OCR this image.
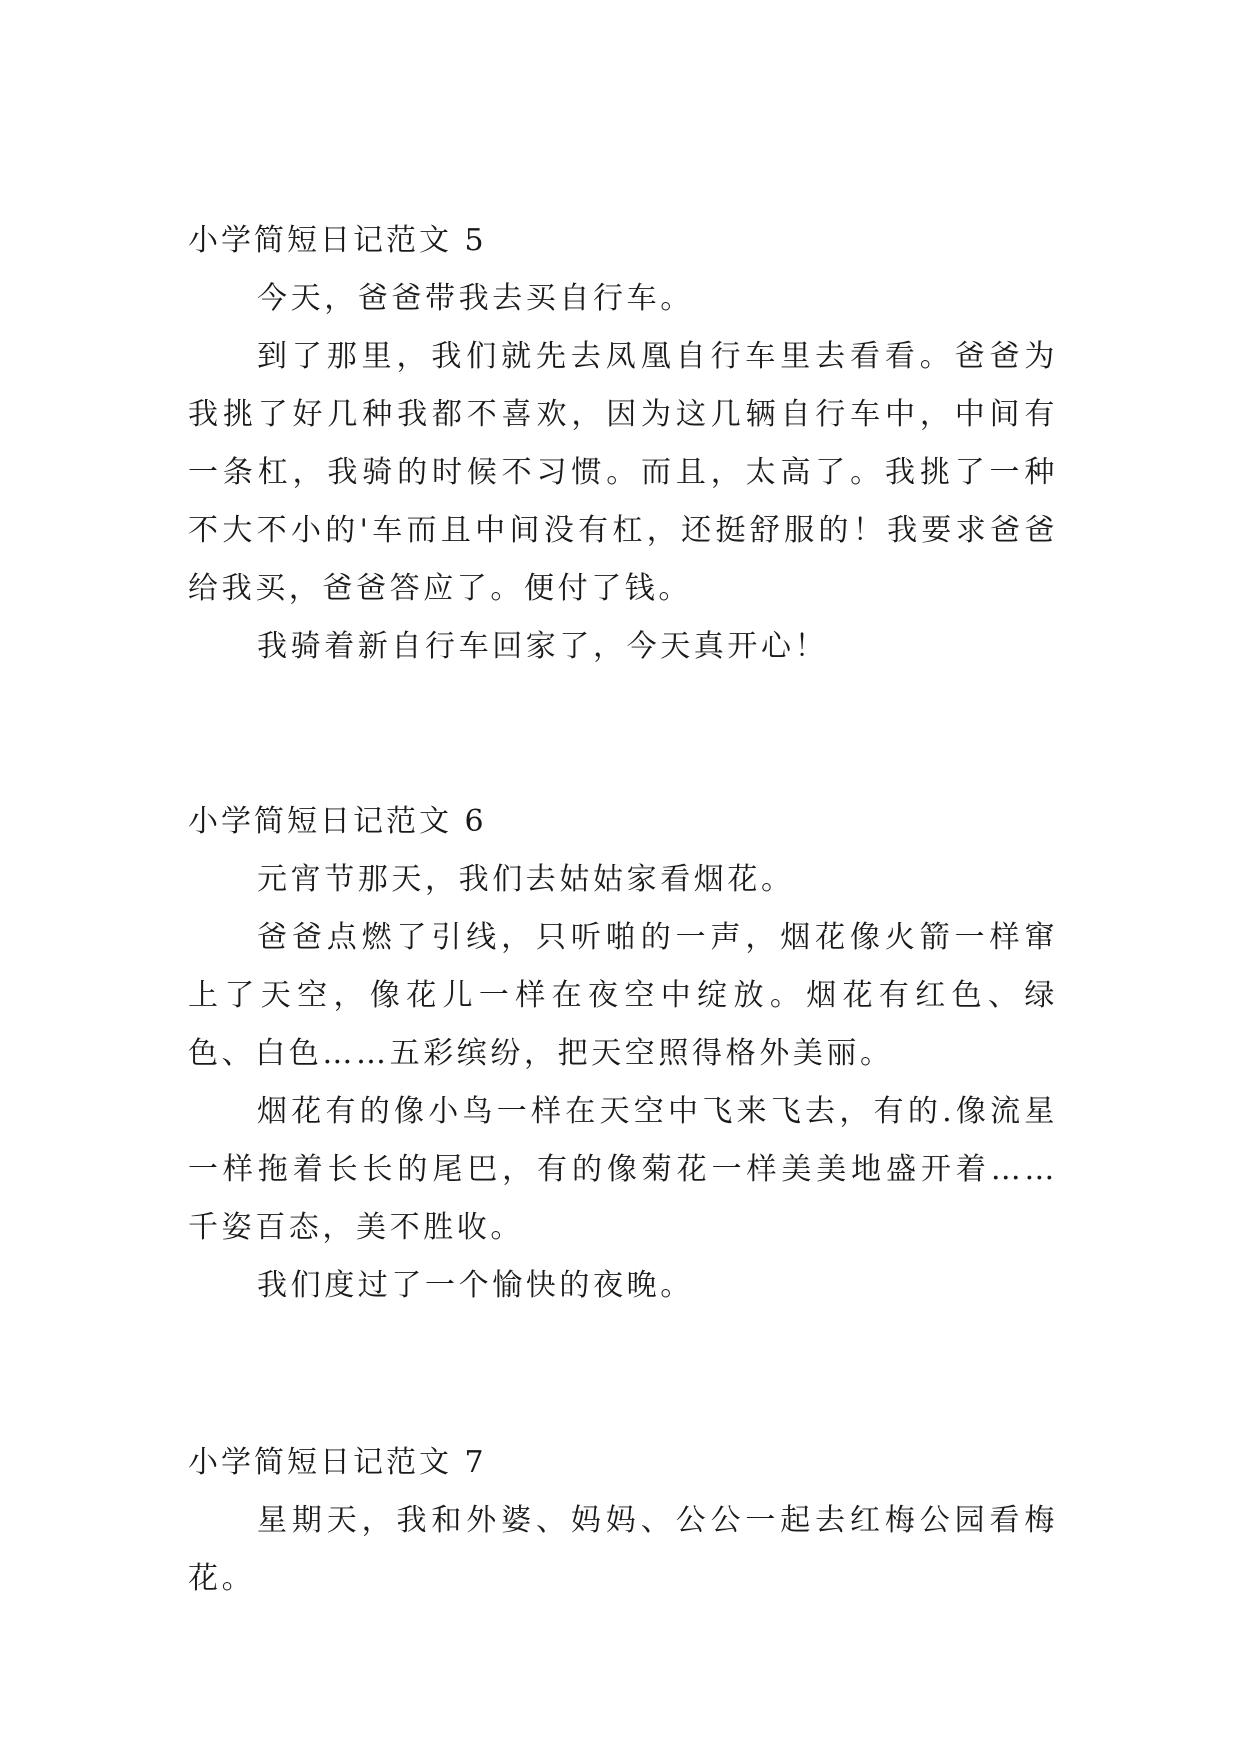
小学简短日记范文 5

今天，爸爸带我去买自行车。

到了那里，我们就先去凤凰自行车里去看看。爸爸为我挑了好几种我都不喜欢，因为这几辆自行车中，中间有一条杠，我骑的时候不习惯。而且，太高了。我挑了一种不大不小的'车而且中间没有杠，还挺舒服的！我要求爸爸给我买，爸爸答应了。便付了钱。

我骑着新自行车回家了，今天真开心！

小学简短日记范文 6

元宵节那天，我们去姑姑家看烟花。

爸爸点燃了引线，只听啪的一声，烟花像火箭一样窜上了天空，像花儿一样在夜空中绽放。烟花有红色、绿色、白色……五彩缤纷，把天空照得格外美丽。

烟花有的像小鸟一样在天空中飞来飞去，有的.像流星一样拖着长长的尾巴，有的像菊花一样美美地盛开着……千姿百态，美不胜收。

我们度过了一个愉快的夜晚。

小学简短日记范文 7

星期天，我和外婆、妈妈、公公一起去红梅公园看梅花。
